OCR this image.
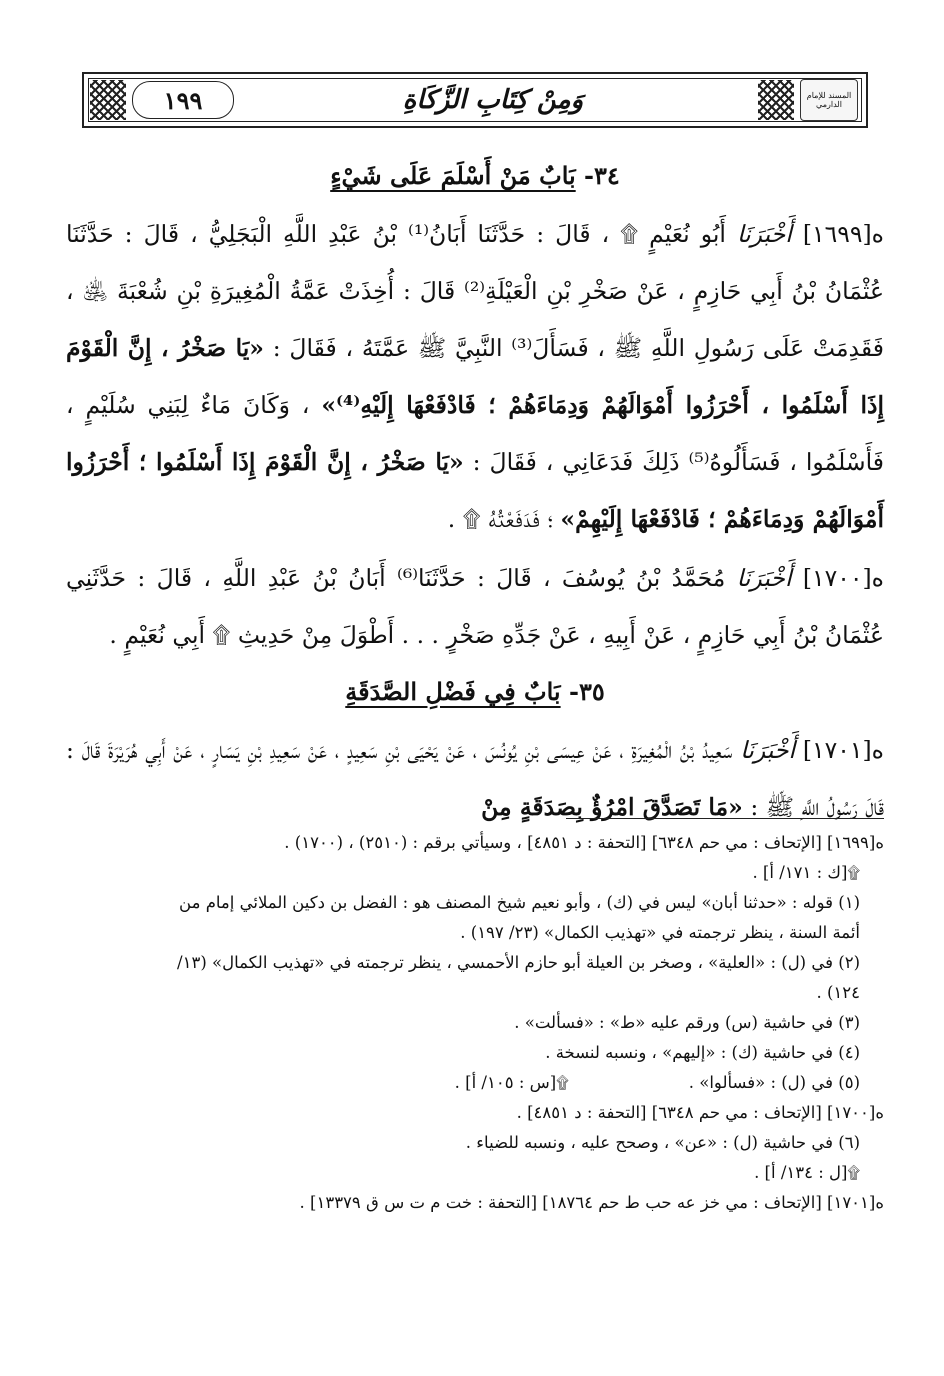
١٩٩	وَمِنْ كِتَابِ الزَّكَاةِ	المسند للإمام الدارمي
٣٤- بَابٌ مَنْ أَسْلَمَ عَلَى شَيْءٍ

ه[١٦٩٩] أَخْبَرَنَا أَبُو نُعَيْمٍ ۩ ، قَالَ : حَدَّثَنَا أَبَانُ⁽¹⁾ بْنُ عَبْدِ اللَّهِ الْبَجَلِيُّ ، قَالَ : حَدَّثَنَا عُثْمَانُ بْنُ أَبِي حَازِمٍ ، عَنْ صَخْرِ بْنِ الْعَيْلَةِ⁽²⁾ قَالَ : أُخِذَتْ عَمَّةُ الْمُغِيرَةِ بْنِ شُعْبَةَ ﵁ ، فَقَدِمَتْ عَلَى رَسُولِ اللَّهِ ﷺ ، فَسَأَلَ⁽³⁾ النَّبِيَّ ﷺ عَمَّتَهُ ، فَقَالَ : «يَا صَخْرُ ، إِنَّ الْقَوْمَ إِذَا أَسْلَمُوا ، أَحْرَزُوا أَمْوَالَهُمْ وَدِمَاءَهُمْ ؛ فَادْفَعْهَا إِلَيْهِ⁽⁴⁾» ، وَكَانَ مَاءٌ لِبَنِي سُلَيْمٍ ، فَأَسْلَمُوا ، فَسَأَلُوهُ⁽⁵⁾ ذَلِكَ فَدَعَانِي ، فَقَالَ : «يَا صَخْرُ ، إِنَّ الْقَوْمَ إِذَا أَسْلَمُوا ؛ أَحْرَزُوا أَمْوَالَهُمْ وَدِمَاءَهُمْ ؛ فَادْفَعْهَا إِلَيْهِمْ» ؛ فَدَفَعْتُهُ ۩ .

ه[١٧٠٠] أَخْبَرَنَا مُحَمَّدُ بْنُ يُوسُفَ ، قَالَ : حَدَّثَنَا⁽⁶⁾ أَبَانُ بْنُ عَبْدِ اللَّهِ ، قَالَ : حَدَّثَنِي عُثْمَانُ بْنُ أَبِي حَازِمٍ ، عَنْ أَبِيهِ ، عَنْ جَدِّهِ صَخْرٍ . . . أَطْوَلَ مِنْ حَدِيثِ ۩ أَبِي نُعَيْمٍ .

٣٥- بَابٌ فِي فَضْلِ الصَّدَقَةِ

ه[١٧٠١] أَخْبَرَنَا سَعِيدُ بْنُ الْمُغِيرَةِ ، عَنْ عِيسَى بْنِ يُونُسَ ، عَنْ يَحْيَى بْنِ سَعِيدٍ ، عَنْ سَعِيدِ بْنِ يَسَارٍ ، عَنْ أَبِي هُرَيْرَةَ قَالَ : قَالَ رَسُولُ اللَّهِ ﷺ : «مَا تَصَدَّقَ امْرُؤٌ بِصَدَقَةٍ مِنْ

ه[١٦٩٩] [الإتحاف : مي حم ٦٣٤٨] [التحفة : د ٤٨٥١] ، وسيأتي برقم : (٢٥١٠) ، (١٧٠٠) .

۩[ك : ١٧١/ أ] .

(١) قوله : «حدثنا أبان» ليس في (ك) ، وأبو نعيم شيخ المصنف هو : الفضل بن دكين الملائي إمام من

أئمة السنة ، ينظر ترجمته في «تهذيب الكمال» (٢٣/ ١٩٧) .

(٢) في (ل) : «العلية» ، وصخر بن العيلة أبو حازم الأحمسي ، ينظر ترجمته في «تهذيب الكمال» (١٣/ ١٢٤) .

(٣) في حاشية (س) ورقم عليه «ط» : «فسألت» .

(٤) في حاشية (ك) : «إليهم» ، ونسبه لنسخة .

(٥) في (ل) : «فسألوا» .
۩[س : ١٠٥/ أ] .

ه[١٧٠٠] [الإتحاف : مي حم ٦٣٤٨] [التحفة : د ٤٨٥١] .

(٦) في حاشية (ل) : «عن» ، وصحح عليه ، ونسبه للضياء .

۩[ل : ١٣٤/ أ] .

ه[١٧٠١] [الإتحاف : مي خز عه حب ط حم ١٨٧٦٤] [التحفة : خت م ت س ق ١٣٣٧٩] .
